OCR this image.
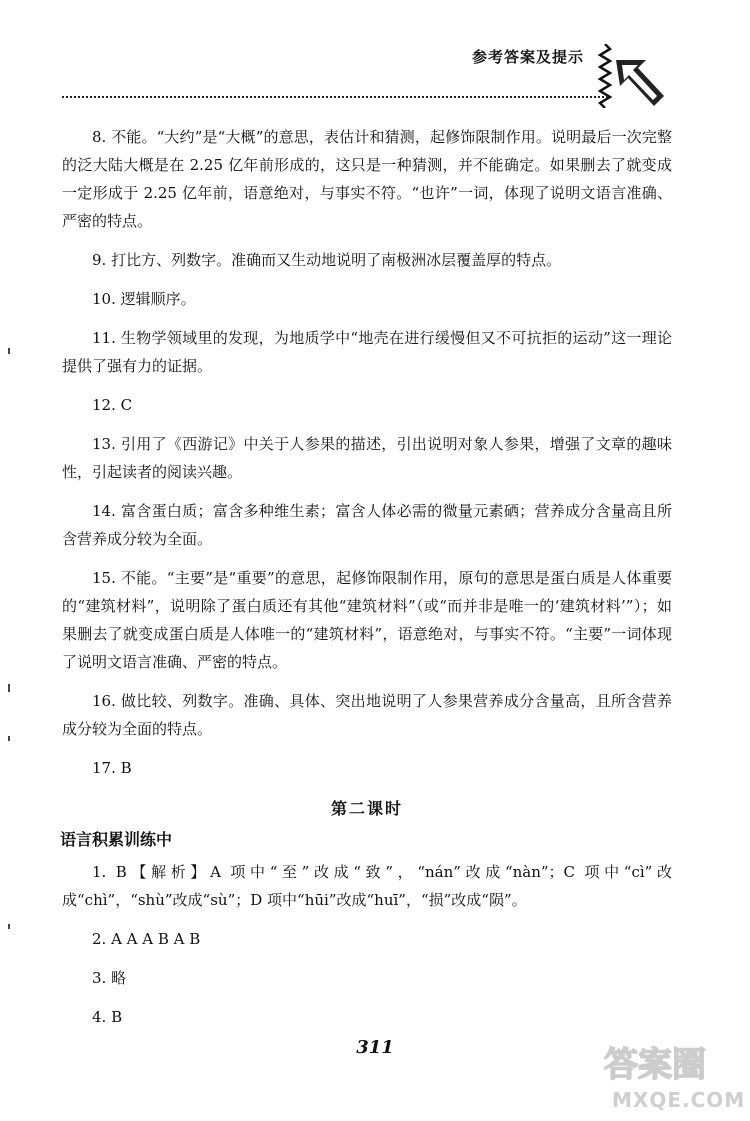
参考答案及提示

8. 不能。“大约”是“大概”的意思，表估计和猜测，起修饰限制作用。说明最后一次完整的泛大陆大概是在 2.25 亿年前形成的，这只是一种猜测，并不能确定。如果删去了就变成一定形成于 2.25 亿年前，语意绝对，与事实不符。“也许”一词，体现了说明文语言准确、严密的特点。

9. 打比方、列数字。准确而又生动地说明了南极洲冰层覆盖厚的特点。

10. 逻辑顺序。

11. 生物学领域里的发现，为地质学中“地壳在进行缓慢但又不可抗拒的运动”这一理论提供了强有力的证据。

12. C

13. 引用了《西游记》中关于人参果的描述，引出说明对象人参果，增强了文章的趣味性，引起读者的阅读兴趣。

14. 富含蛋白质；富含多种维生素；富含人体必需的微量元素硒；营养成分含量高且所含营养成分较为全面。

15. 不能。“主要”是“重要”的意思，起修饰限制作用，原句的意思是蛋白质是人体重要的“建筑材料”，说明除了蛋白质还有其他“建筑材料”（或“而并非是唯一的‘建筑材料’”）；如果删去了就变成蛋白质是人体唯一的“建筑材料”，语意绝对，与事实不符。“主要”一词体现了说明文语言准确、严密的特点。

16. 做比较、列数字。准确、具体、突出地说明了人参果营养成分含量高，且所含营养成分较为全面的特点。

17. B

第二课时
语言积累训练中

1. B【解析】A 项中“至”改成“致”，“nán”改成“nàn”；C 项中“cì”改成“chì”，“shù”改成“sù”；D 项中“hūi”改成“huī”，“损”改成“陨”。

2. A A A B A B

3. 略

4. B

311	答案圈
MXQE.COM
